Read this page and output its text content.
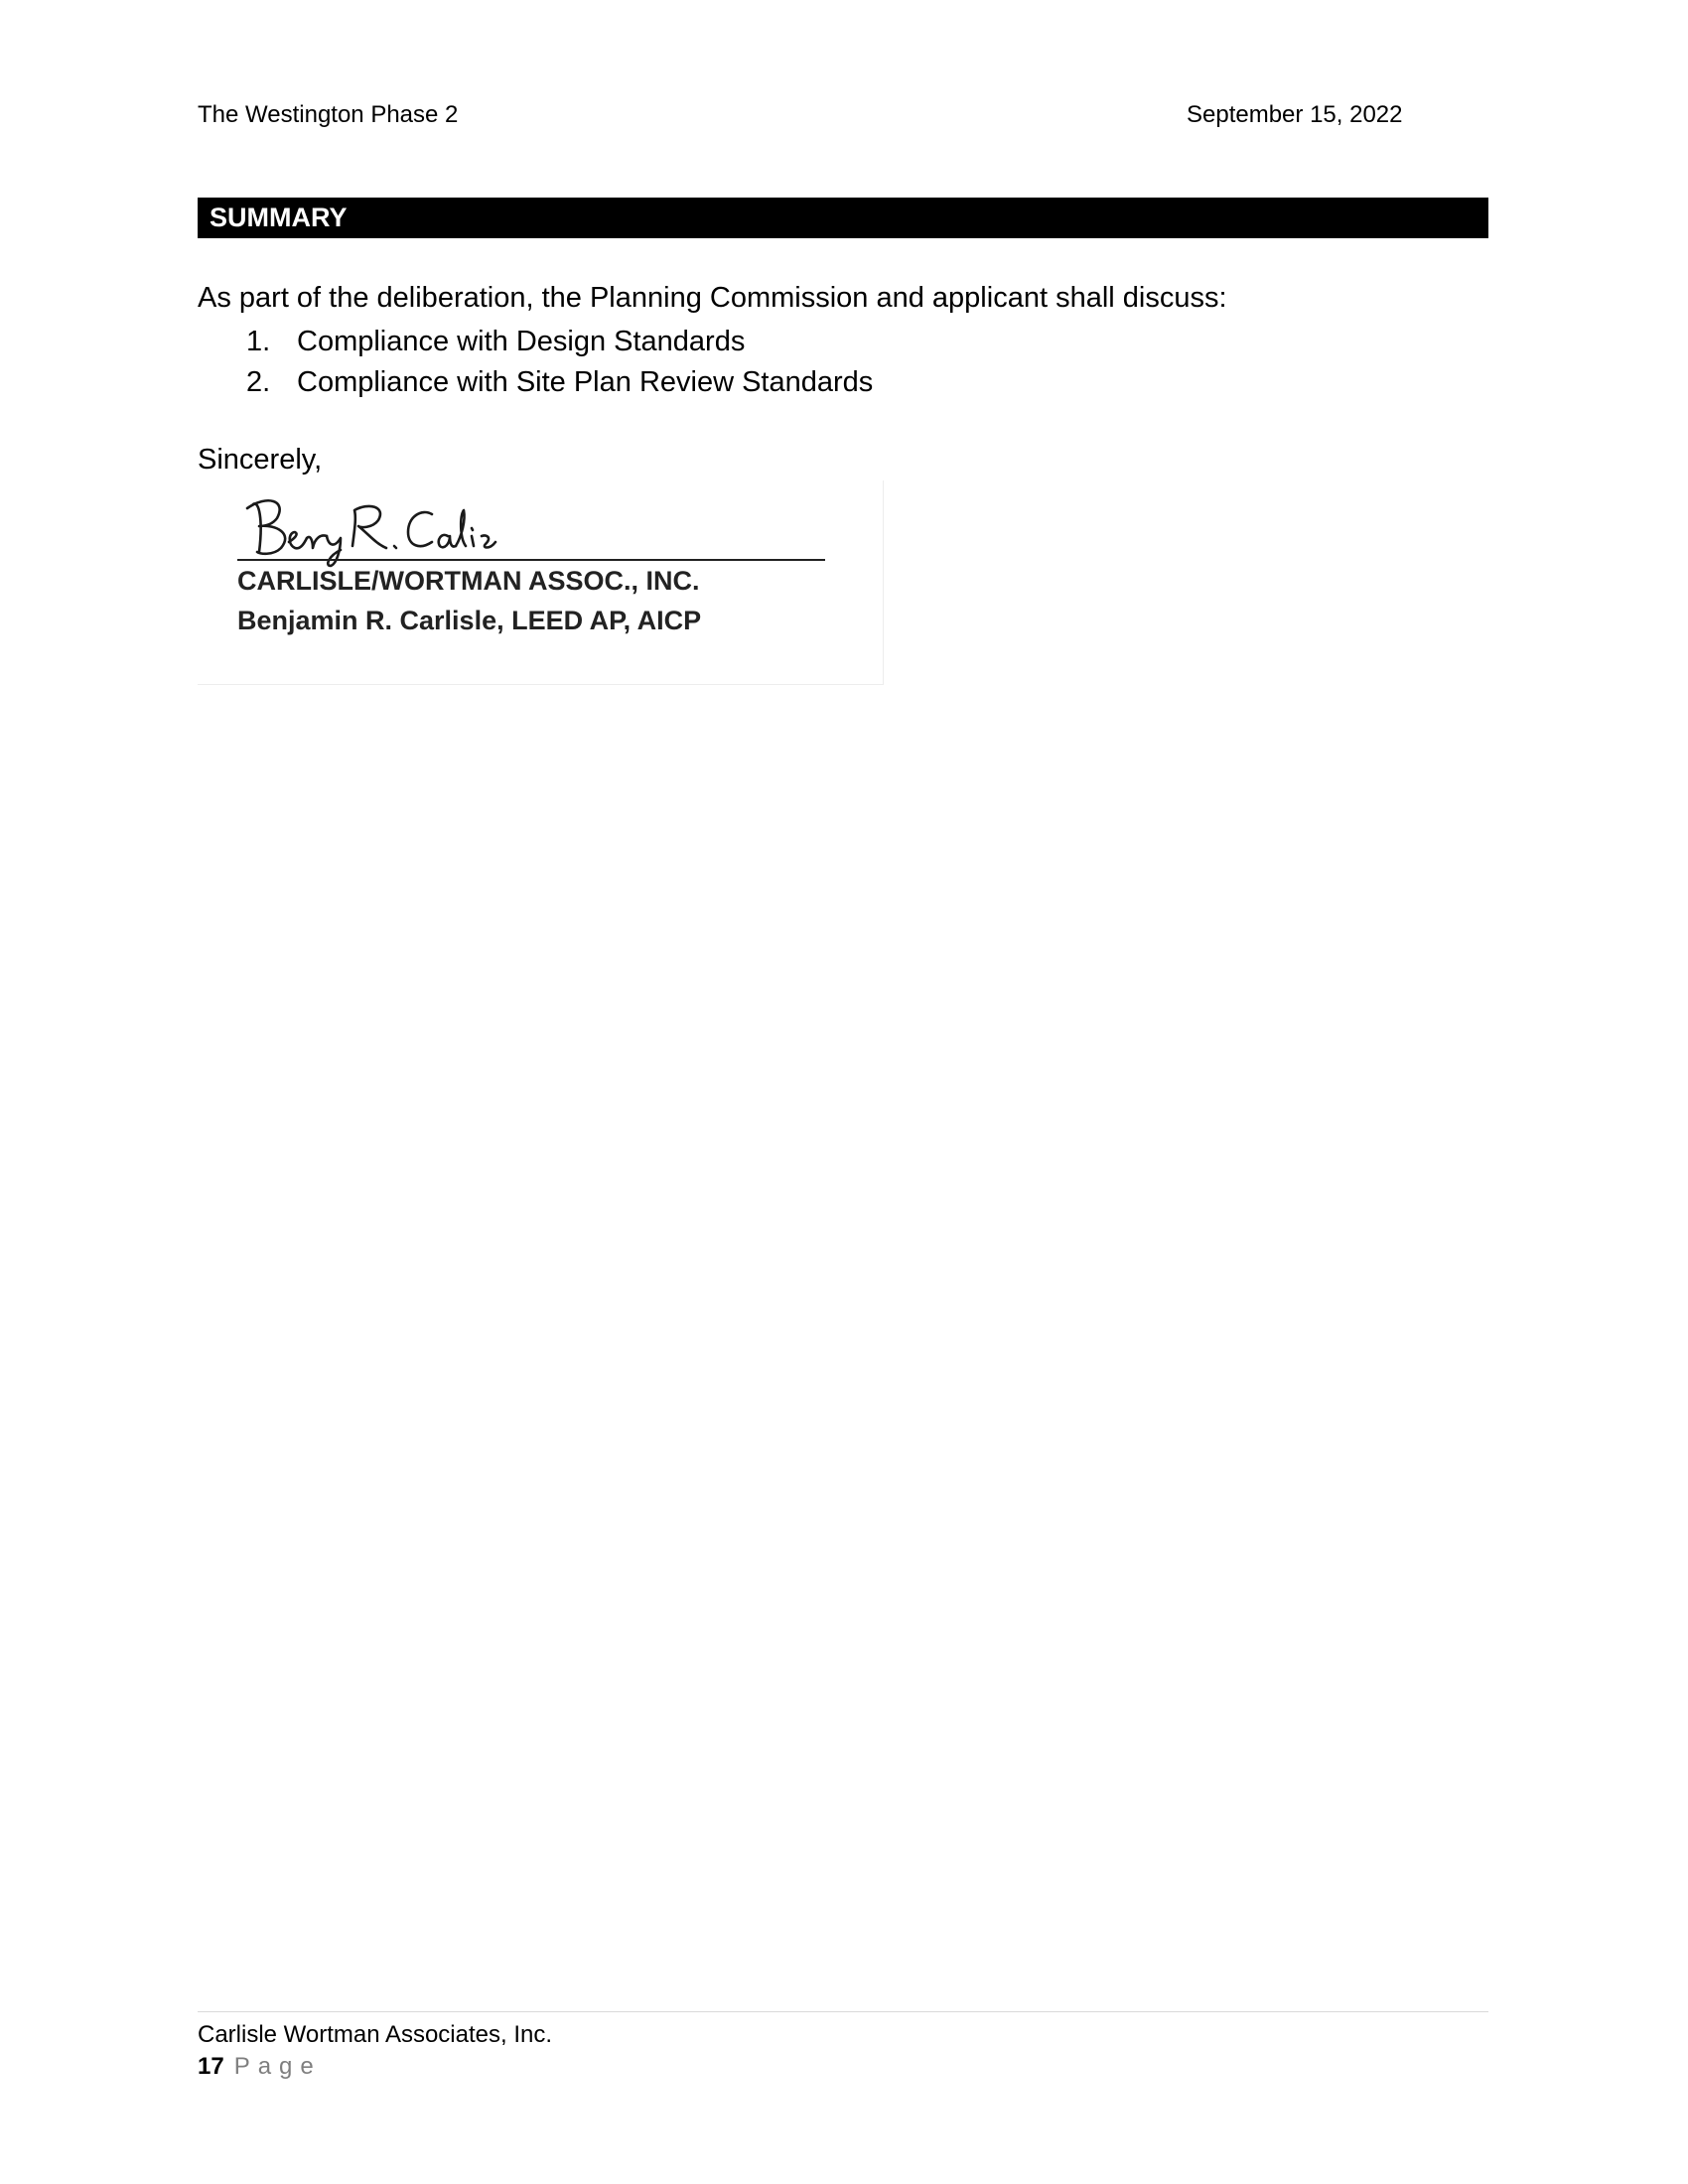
The Westington Phase 2	September 15, 2022
SUMMARY
As part of the deliberation, the Planning Commission and applicant shall discuss:
1. Compliance with Design Standards
2. Compliance with Site Plan Review Standards
Sincerely,
CARLISLE/WORTMAN ASSOC., INC.
Benjamin R. Carlisle, LEED AP, AICP
Carlisle Wortman Associates, Inc.
17 Page
